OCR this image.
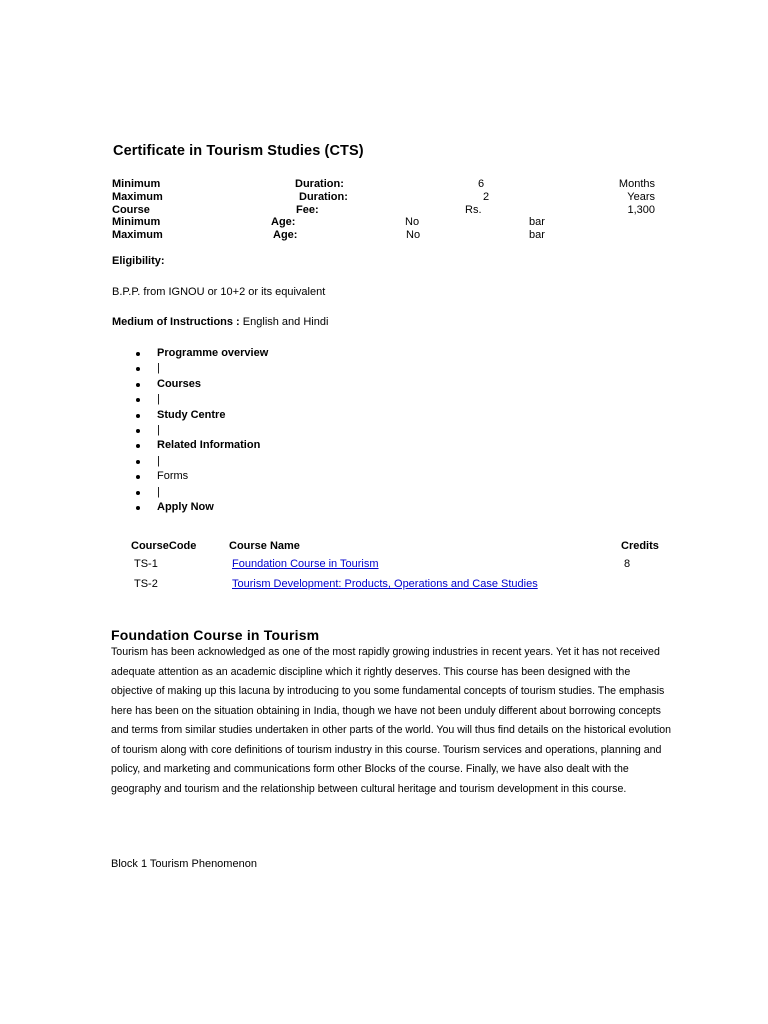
Certificate in Tourism Studies (CTS)
Minimum	Duration:	6	Months
Maximum	Duration:	2	Years
Course	Fee:	Rs.	1,300
Minimum	Age:	No	bar
Maximum	Age:	No	bar
Eligibility:
B.P.P. from IGNOU or 10+2 or its equivalent
Medium of Instructions : English and Hindi
Programme overview
|
Courses
|
Study Centre
|
Related Information
|
Forms
|
Apply Now
CourseCode	Course Name	Credits
TS-1	Foundation Course in Tourism	8
TS-2	Tourism Development: Products, Operations and Case Studies
Foundation Course in Tourism
Tourism has been acknowledged as one of the most rapidly growing industries in recent years. Yet it has not received adequate attention as an academic discipline which it rightly deserves. This course has been designed with the objective of making up this lacuna by introducing to you some fundamental concepts of tourism studies. The emphasis here has been on the situation obtaining in India, though we have not been unduly different about borrowing concepts and terms from similar studies undertaken in other parts of the world. You will thus find details on the historical evolution of tourism along with core definitions of tourism industry in this course. Tourism services and operations, planning and policy, and marketing and communications form other Blocks of the course. Finally, we have also dealt with the geography and tourism and the relationship between cultural heritage and tourism development in this course.
Block 1 Tourism Phenomenon
